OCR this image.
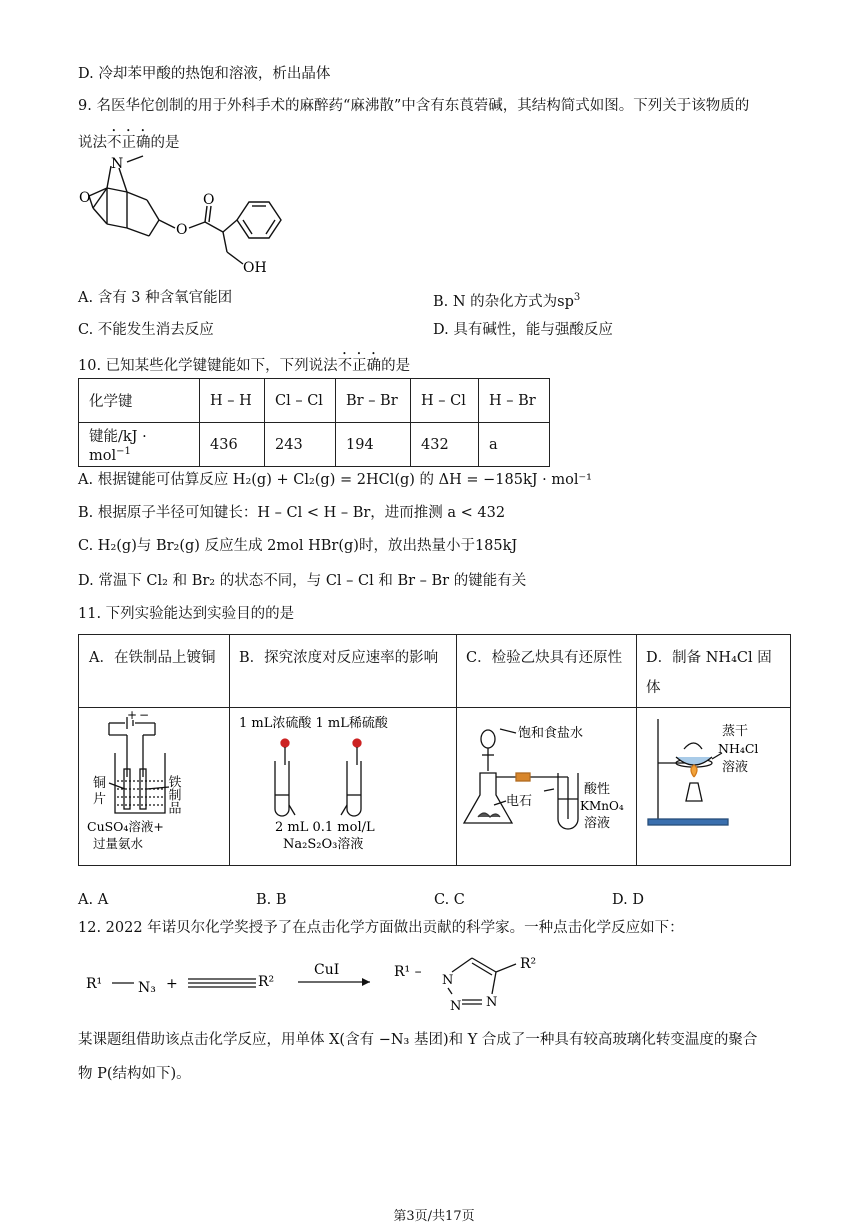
D. 冷却苯甲酸的热饱和溶液，析出晶体
9. 名医华佗创制的用于外科手术的麻醉药“麻沸散”中含有东莨菪碱，其结构简式如图。下列关于该物质的
说法不正确的是
N
O
O
O
OH
A. 含有 3 种含氧官能团	B. N 的杂化方式为$sp^3$
C. 不能发生消去反应	D. 具有碱性，能与强酸反应
10. 已知某些化学键键能如下，下列说法不正确的是
化学键	H – H	Cl – Cl	Br – Br	H – Cl	H – Br
键能/kJ · mol$^{-1}$	436	243	194	432	a
A. 根据键能可估算反应 H₂(g) + Cl₂(g) = 2HCl(g) 的 ΔH = −185kJ · mol⁻¹
B. 根据原子半径可知键长：H – Cl < H – Br，进而推测 a < 432
C. H₂(g)与 Br₂(g) 反应生成 2mol HBr(g)时，放出热量小于185kJ
D. 常温下 Cl₂ 和 Br₂ 的状态不同，与 Cl – Cl 和 Br – Br 的键能有关
11. 下列实验能达到实验目的的是
A．在铁制品上镀铜	B．探究浓度对反应速率的影响	C．检验乙炔具有还原性	D．制备 NH₄Cl 固体
+ −
铜
片	铁制品
CuSO₄溶液+
过量氨水
1 mL浓硫酸 1 mL稀硫酸
2 mL 0.1 mol/L
Na₂S₂O₃溶液
饱和食盐水
电石
酸性
KMnO₄
溶液
蒸干
NH₄Cl
溶液
A. A	B. B	C. C	D. D
12. 2022 年诺贝尔化学奖授予了在点击化学方面做出贡献的科学家。一种点击化学反应如下：
R¹	N₃ +	R²
CuI	R¹ –
N
N N
R²
某课题组借助该点击化学反应，用单体 X(含有 −N₃ 基团)和 Y 合成了一种具有较高玻璃化转变温度的聚合
物 P(结构如下)。
第3页/共17页
